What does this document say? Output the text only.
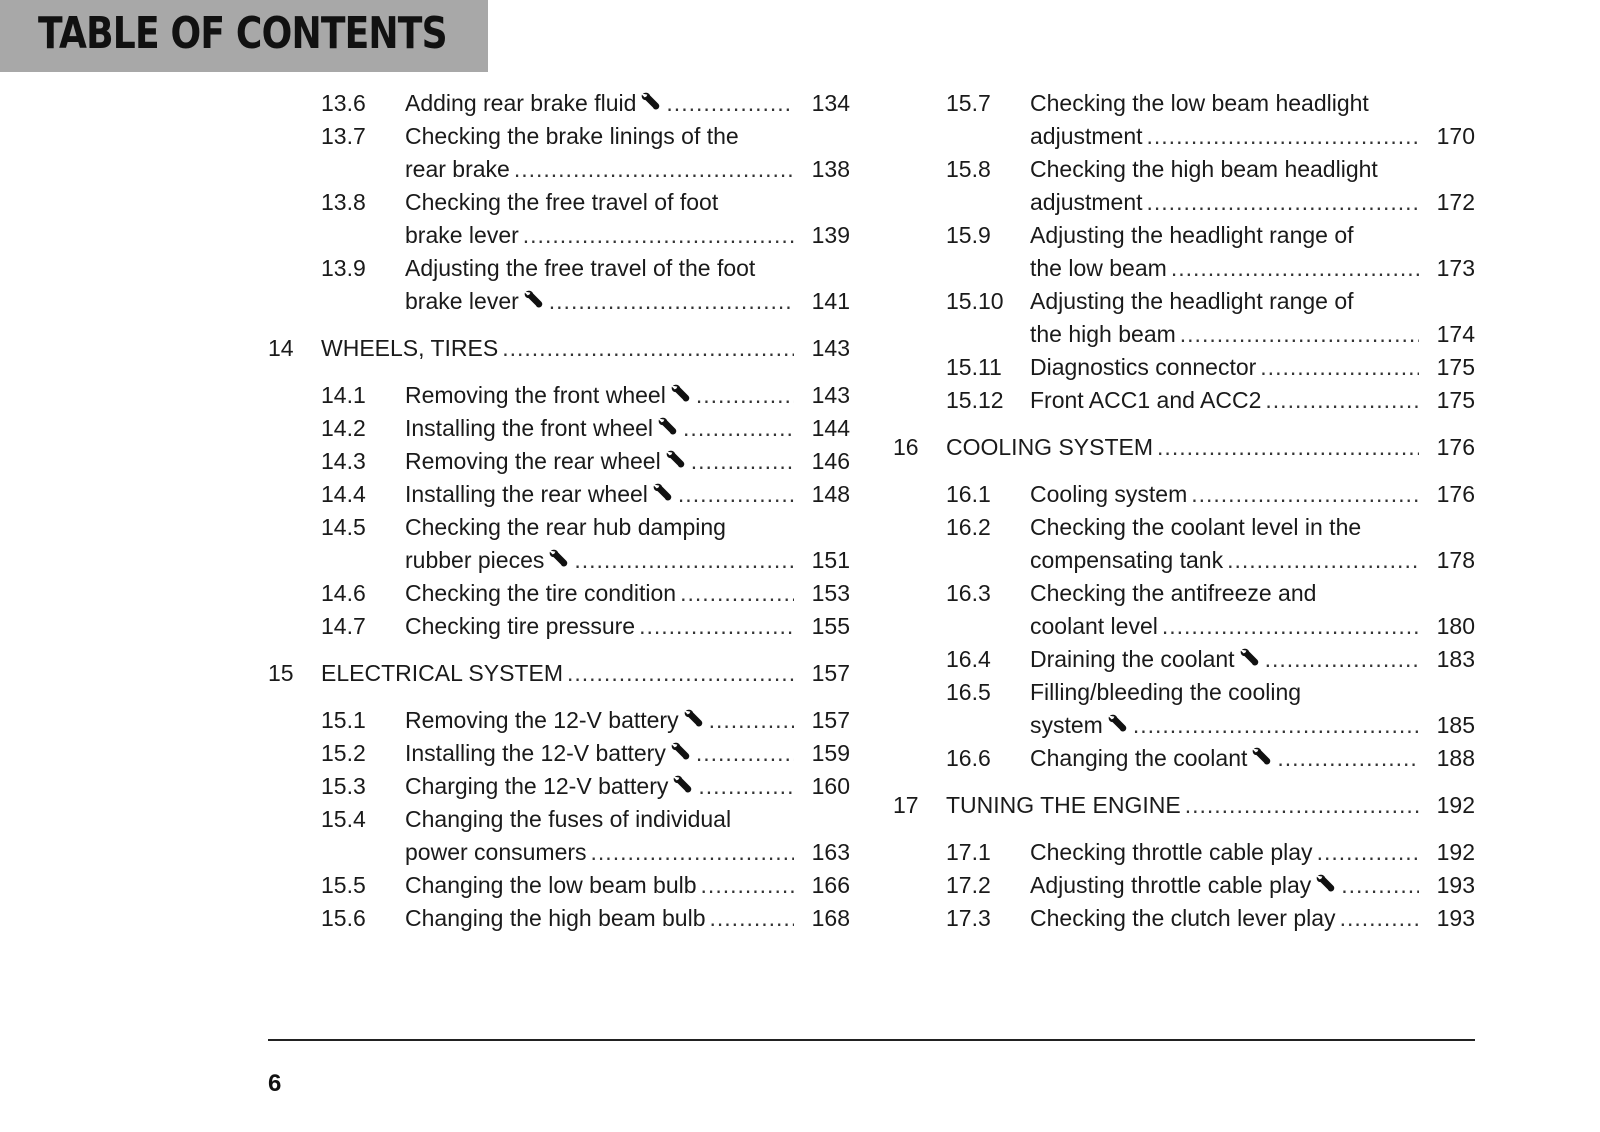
TABLE OF CONTENTS
13.6	Adding rear brake fluid .....	134
13.7	Checking the brake linings of the
rear brake .....	138
13.8	Checking the free travel of foot
brake lever .....	139
13.9	Adjusting the free travel of the foot
brake lever .....	141
14	WHEELS, TIRES .....	143
14.1	Removing the front wheel .....	143
14.2	Installing the front wheel .....	144
14.3	Removing the rear wheel .....	146
14.4	Installing the rear wheel .....	148
14.5	Checking the rear hub damping
rubber pieces .....	151
14.6	Checking the tire condition .....	153
14.7	Checking tire pressure .....	155
15	ELECTRICAL SYSTEM .....	157
15.1	Removing the 12-V battery .....	157
15.2	Installing the 12-V battery .....	159
15.3	Charging the 12-V battery .....	160
15.4	Changing the fuses of individual
power consumers .....	163
15.5	Changing the low beam bulb .....	166
15.6	Changing the high beam bulb .....	168
15.7	Checking the low beam headlight
adjustment .....	170
15.8	Checking the high beam headlight
adjustment .....	172
15.9	Adjusting the headlight range of
the low beam .....	173
15.10	Adjusting the headlight range of
the high beam .....	174
15.11	Diagnostics connector .....	175
15.12	Front ACC1 and ACC2 .....	175
16	COOLING SYSTEM .....	176
16.1	Cooling system .....	176
16.2	Checking the coolant level in the
compensating tank .....	178
16.3	Checking the antifreeze and
coolant level .....	180
16.4	Draining the coolant .....	183
16.5	Filling/bleeding the cooling
system .....	185
16.6	Changing the coolant .....	188
17	TUNING THE ENGINE .....	192
17.1	Checking throttle cable play .....	192
17.2	Adjusting throttle cable play .....	193
17.3	Checking the clutch lever play .....	193
6
